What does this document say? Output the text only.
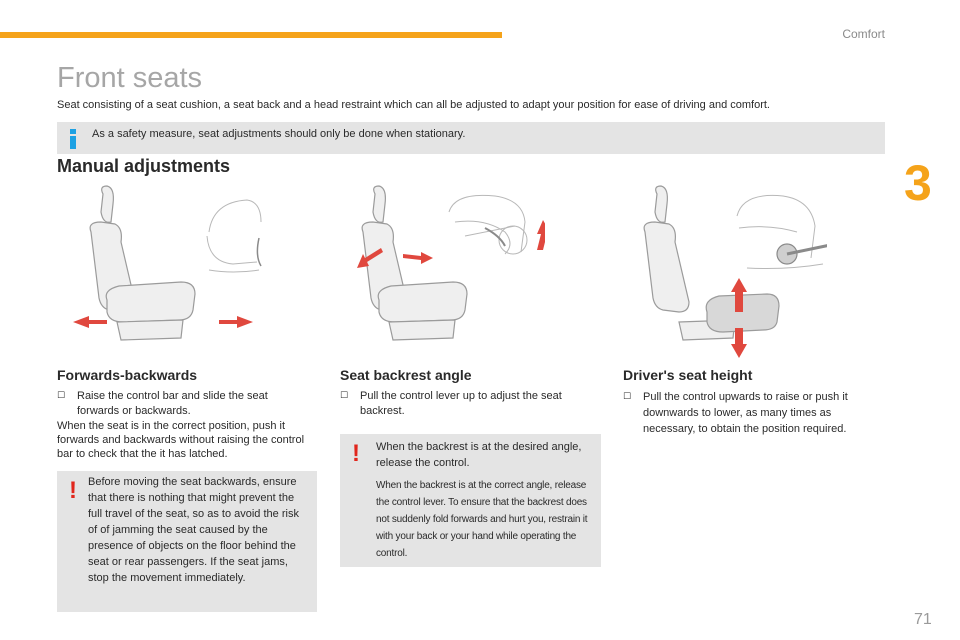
Comfort
3
Front seats

Seat consisting of a seat cushion, a seat back and a head restraint which can all be adjusted to adapt your position for ease of driving and comfort.

As a safety measure, seat adjustments should only be done when stationary.
Manual adjustments
Forwards-backwards
☐	Raise the control bar and slide the seat forwards or backwards.

When the seat is in the correct position, push it forwards and backwards without raising the control bar to check that the it has latched.

! Before moving the seat backwards, ensure that there is nothing that might prevent the full travel of the seat, so as to avoid the risk of of jamming the seat caused by the presence of objects on the floor behind the seat or rear passengers. If the seat jams, stop the movement immediately.

Seat backrest angle
☐	Pull the control lever up to adjust the seat backrest.
! When the backrest is at the desired angle, release the control.

When the backrest is at the correct angle, release the control lever. To ensure that the backrest does not suddenly fold forwards and hurt you, restrain it with your back or your hand while operating the control.

Driver's seat height
☐	Pull the control upwards to raise or push it downwards to lower, as many times as necessary, to obtain the position required.
71
